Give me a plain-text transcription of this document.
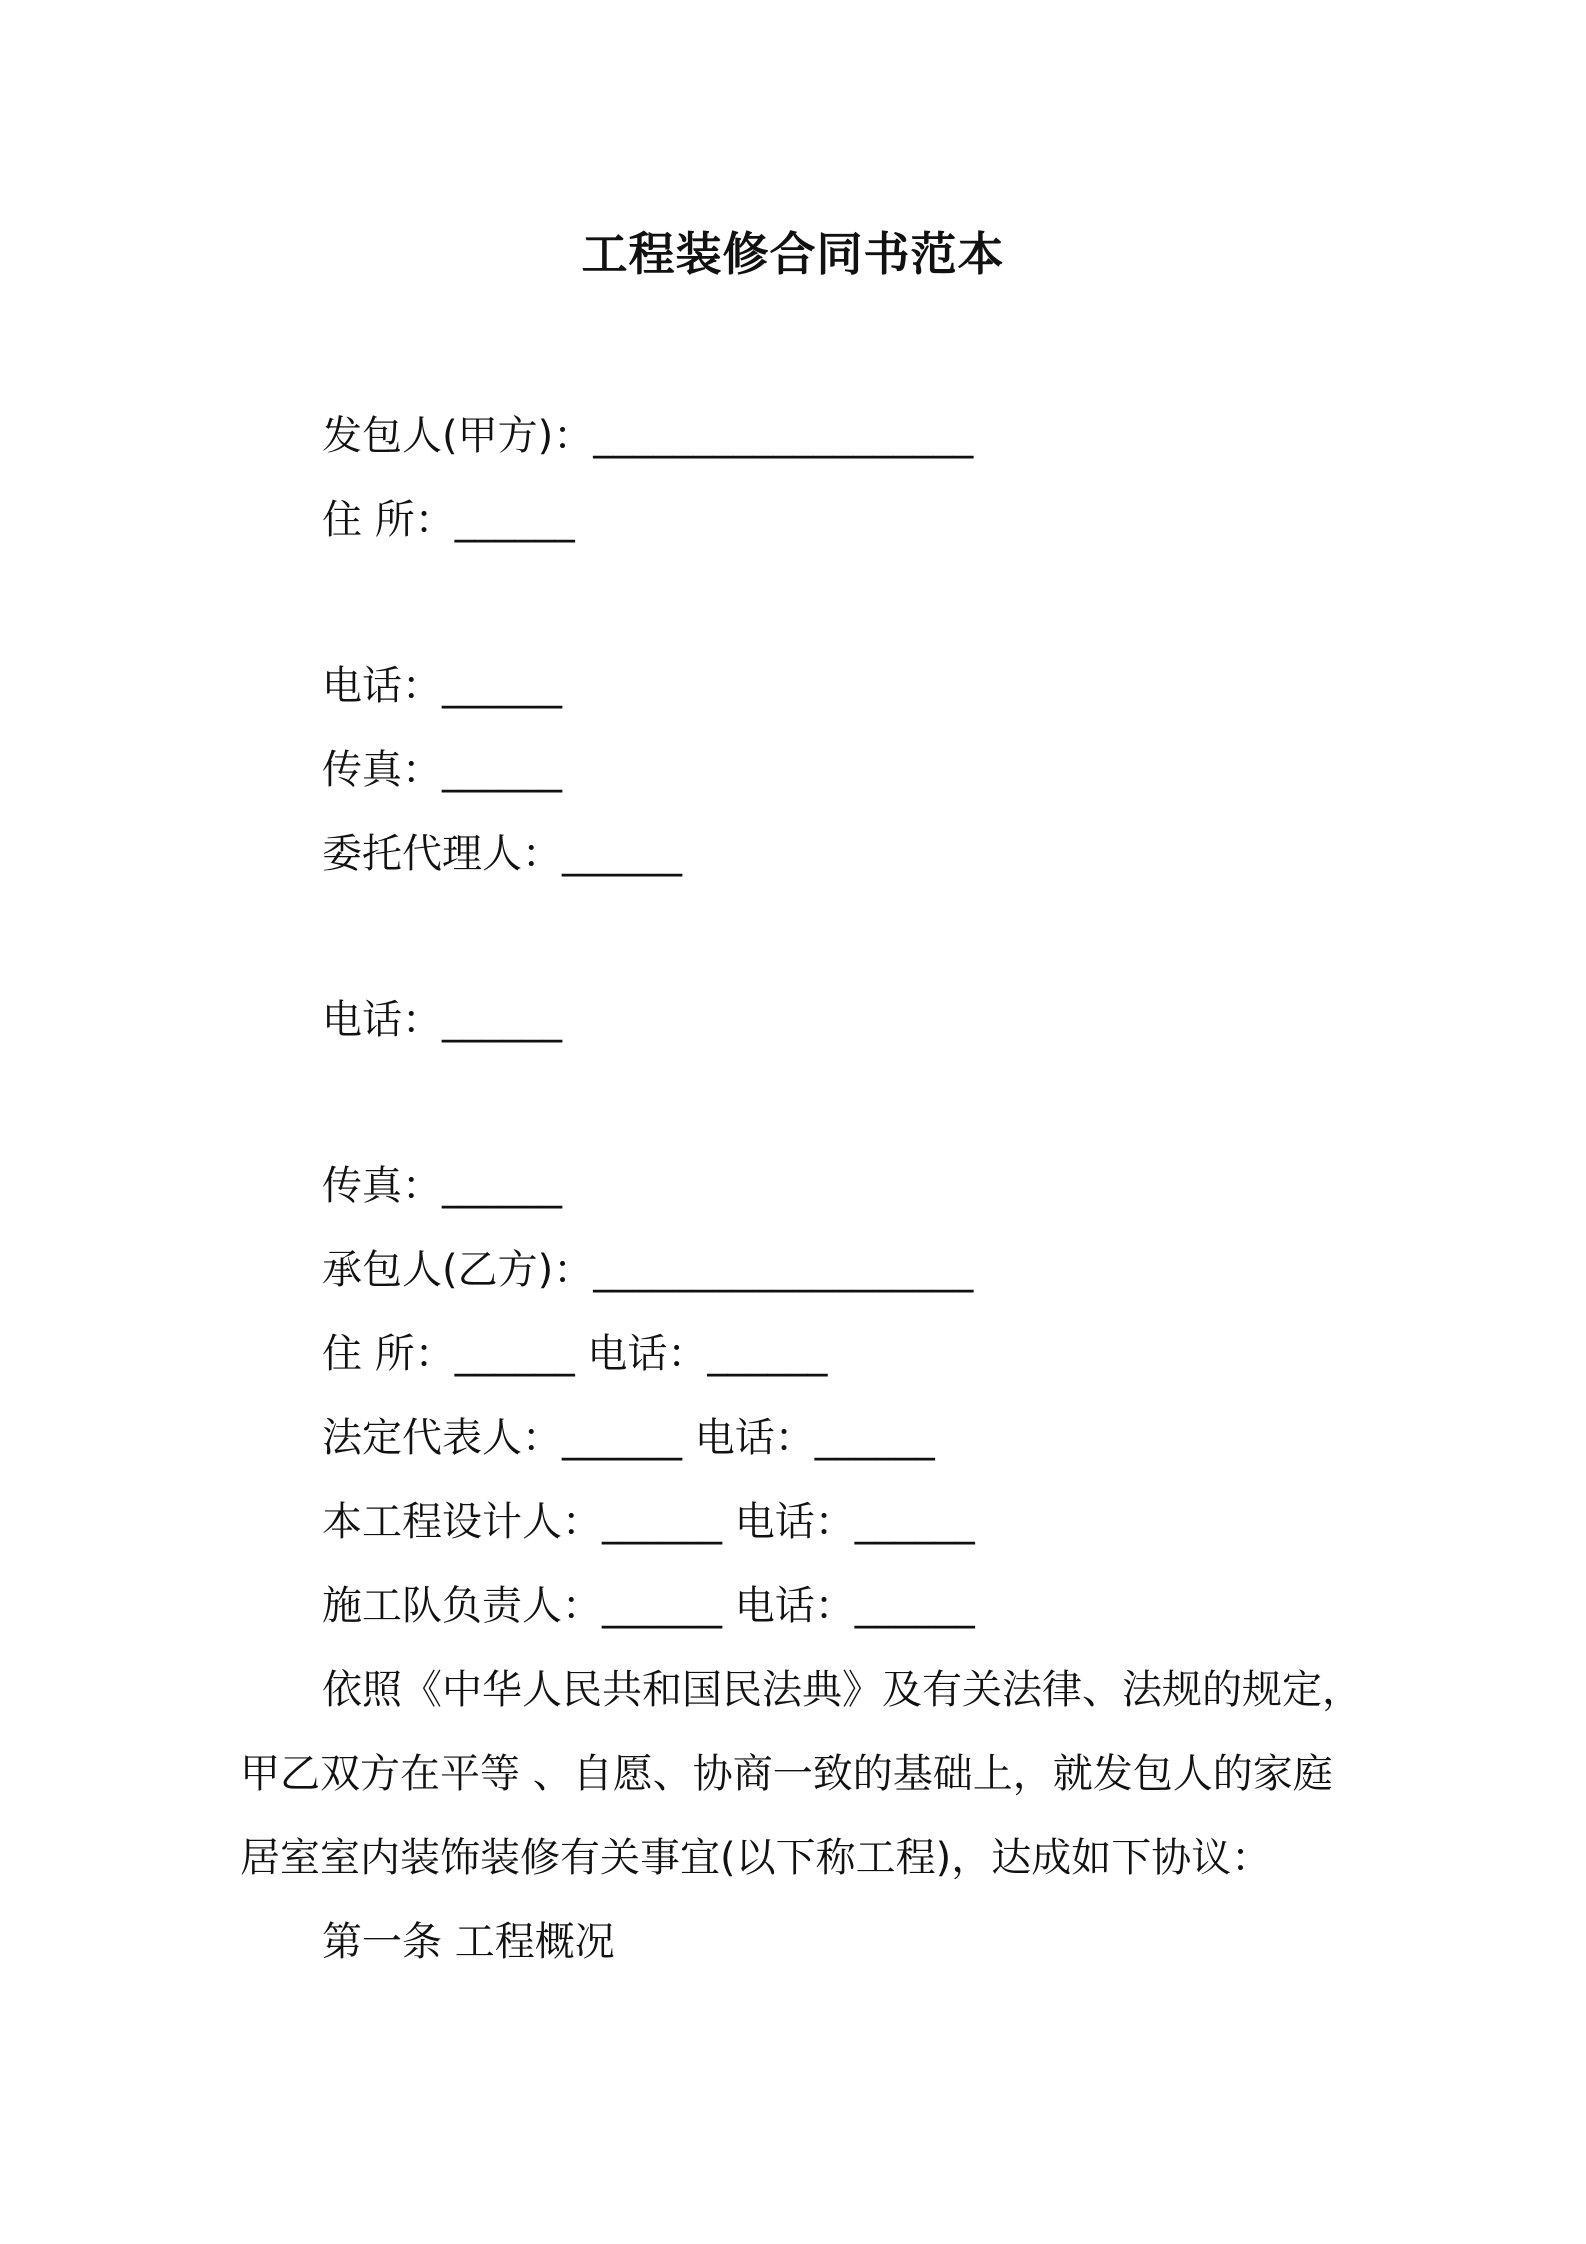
工程装修合同书范本
发包人(甲方)：___________________
住 所：______
电话：______
传真：______
委托代理人：______
电话：______
传真：______
承包人(乙方)：___________________
住 所：______ 电话：______
法定代表人：______ 电话：______
本工程设计人：______ 电话：______
施工队负责人：______ 电话：______
依照《中华人民共和国民法典》及有关法律、法规的规定，
甲乙双方在平等 、自愿、协商一致的基础上，就发包人的家庭
居室室内装饰装修有关事宜(以下称工程)，达成如下协议：
第一条 工程概况
